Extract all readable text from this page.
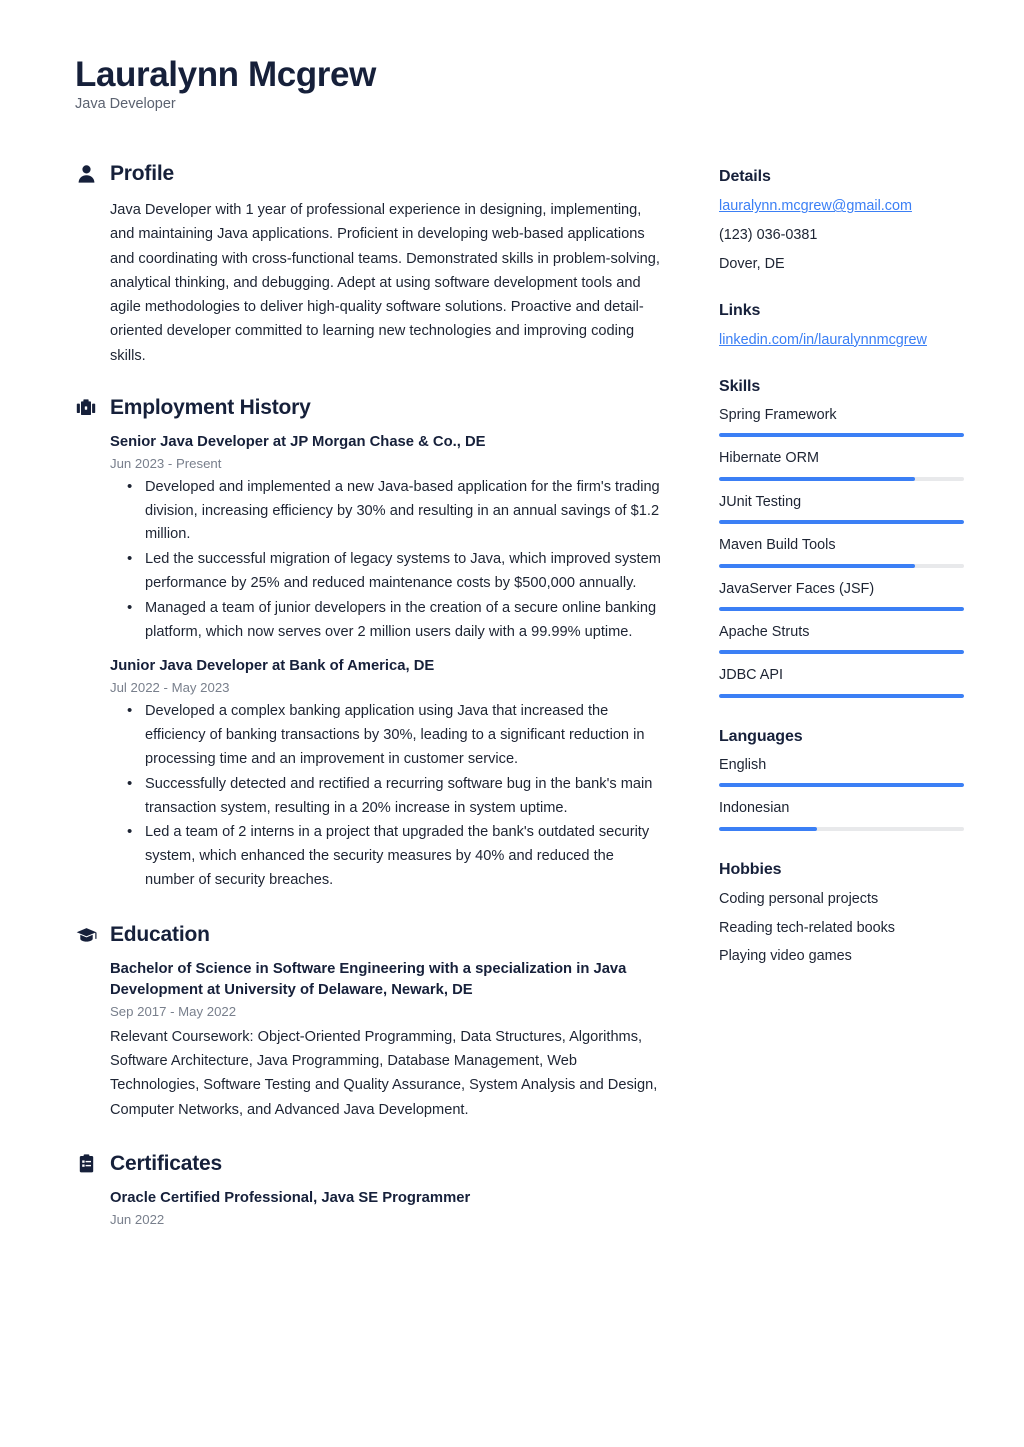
Lauralynn Mcgrew

Java Developer

Profile

Java Developer with 1 year of professional experience in designing, implementing, and maintaining Java applications. Proficient in developing web-based applications and coordinating with cross-functional teams. Demonstrated skills in problem-solving, analytical thinking, and debugging. Adept at using software development tools and agile methodologies to deliver high-quality software solutions. Proactive and detail-oriented developer committed to learning new technologies and improving coding skills.

Employment History

Senior Java Developer at JP Morgan Chase & Co., DE

Jun 2023 - Present

• Developed and implemented a new Java-based application for the firm's trading division, increasing efficiency by 30% and resulting in an annual savings of $1.2 million.
• Led the successful migration of legacy systems to Java, which improved system performance by 25% and reduced maintenance costs by $500,000 annually.
• Managed a team of junior developers in the creation of a secure online banking platform, which now serves over 2 million users daily with a 99.99% uptime.

Junior Java Developer at Bank of America, DE

Jul 2022 - May 2023

• Developed a complex banking application using Java that increased the efficiency of banking transactions by 30%, leading to a significant reduction in processing time and an improvement in customer service.
• Successfully detected and rectified a recurring software bug in the bank's main transaction system, resulting in a 20% increase in system uptime.
• Led a team of 2 interns in a project that upgraded the bank's outdated security system, which enhanced the security measures by 40% and reduced the number of security breaches.
Education

Bachelor of Science in Software Engineering with a specialization in Java Development at University of Delaware, Newark, DE

Sep 2017 - May 2022

Relevant Coursework: Object-Oriented Programming, Data Structures, Algorithms, Software Architecture, Java Programming, Database Management, Web Technologies, Software Testing and Quality Assurance, System Analysis and Design, Computer Networks, and Advanced Java Development.

Certificates

Oracle Certified Professional, Java SE Programmer

Jun 2022

Details

lauralynn.mcgrew@gmail.com
(123) 036-0381
Dover, DE

Links

linkedin.com/in/lauralynnmcgrew

Skills

Spring Framework
Hibernate ORM
JUnit Testing
Maven Build Tools
JavaServer Faces (JSF)
Apache Struts
JDBC API

Languages

English
Indonesian

Hobbies

Coding personal projects
Reading tech-related books
Playing video games
